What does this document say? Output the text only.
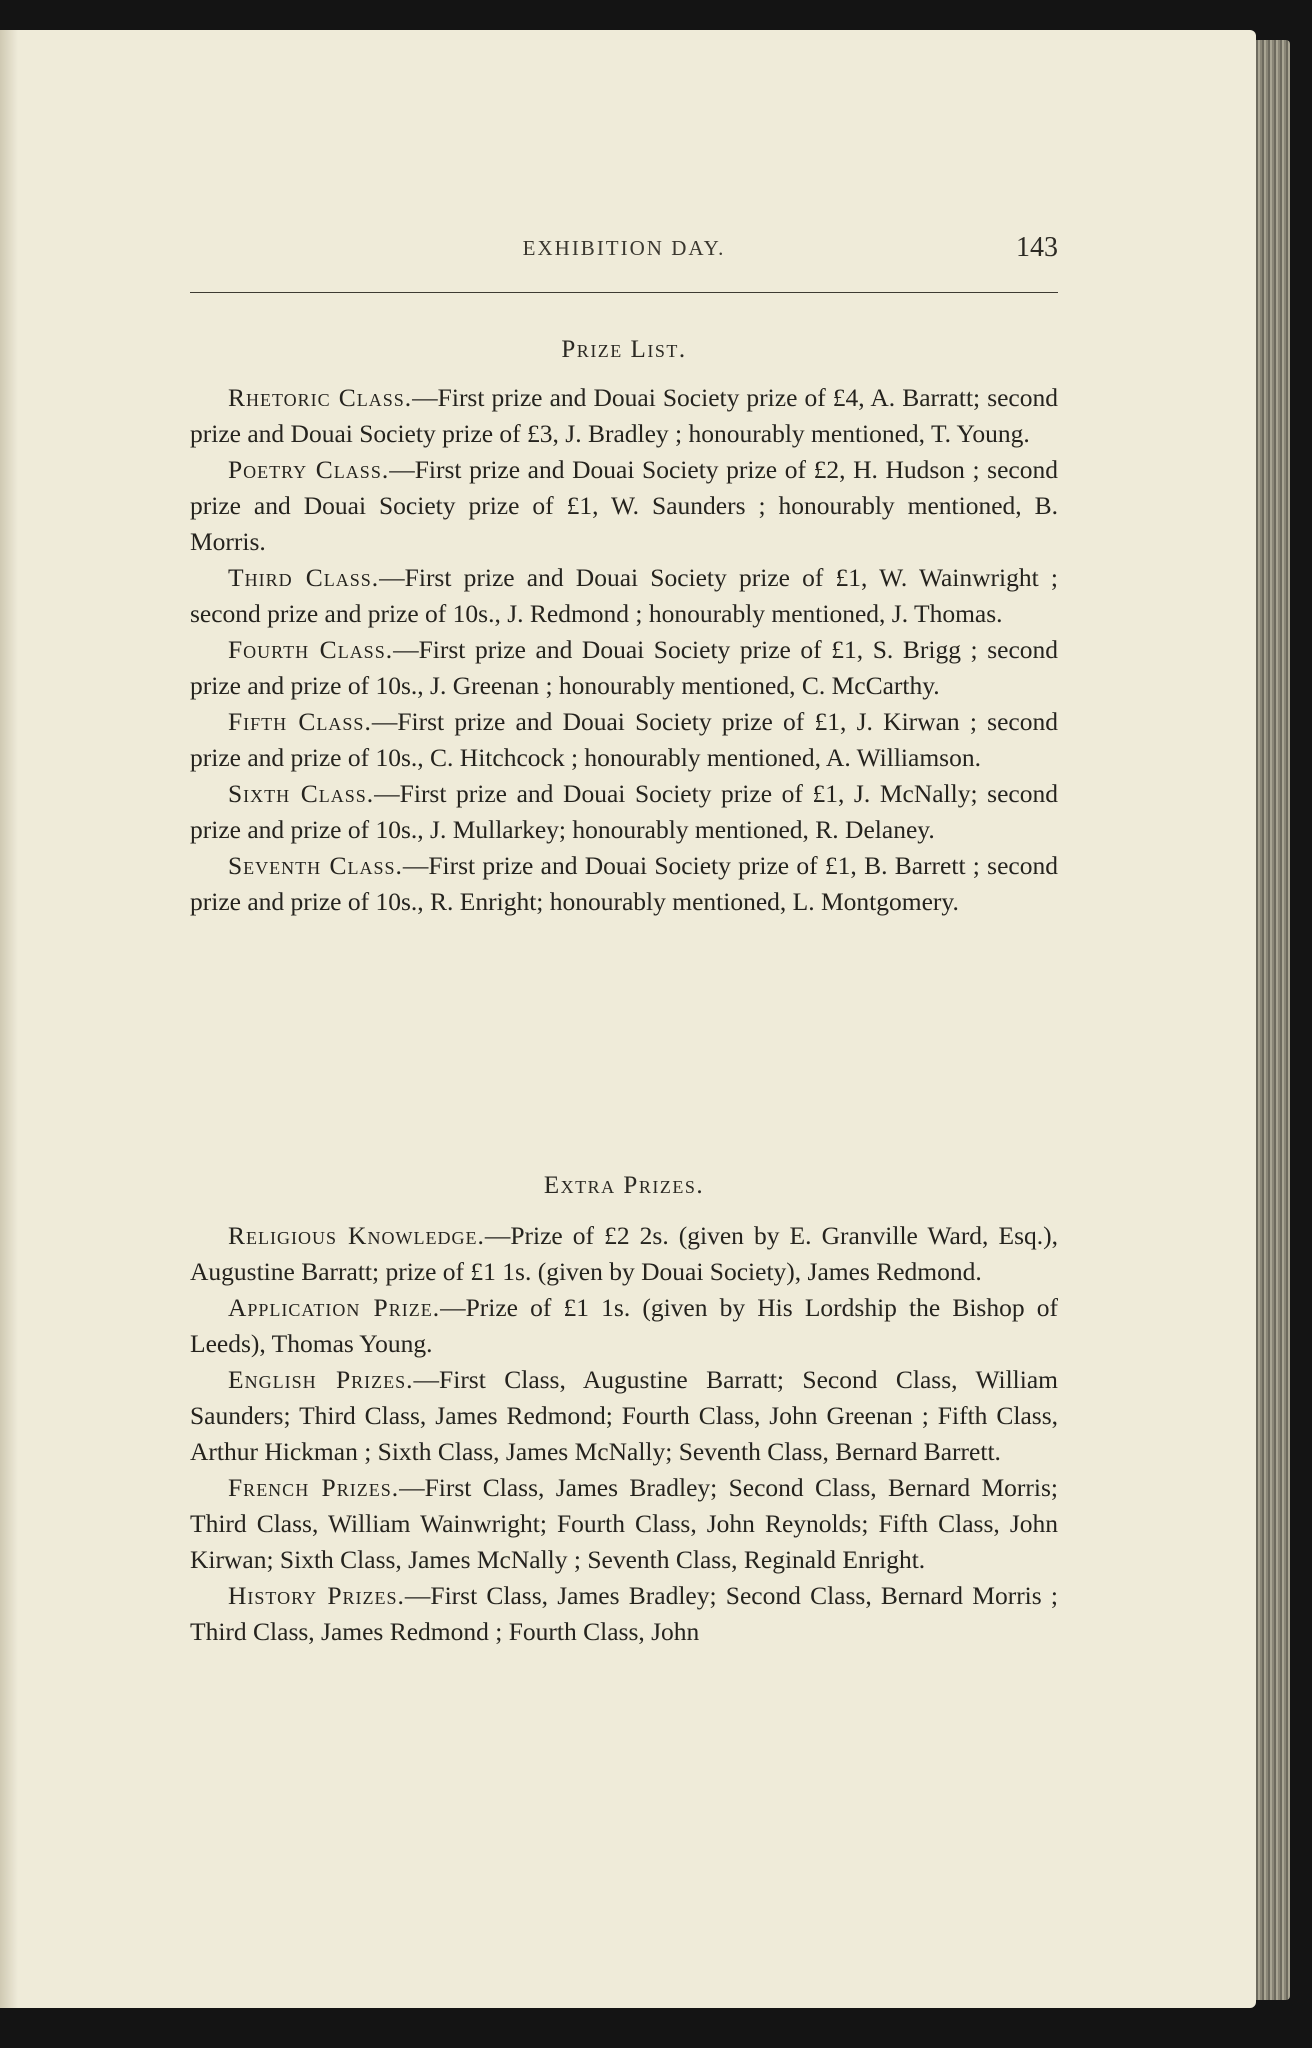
EXHIBITION DAY.	143
Prize List.

Rhetoric Class.—First prize and Douai Society prize of £4, A. Barratt; second prize and Douai Society prize of £3, J. Bradley ; honourably mentioned, T. Young.

Poetry Class.—First prize and Douai Society prize of £2, H. Hudson ; second prize and Douai Society prize of £1, W. Saunders ; honourably mentioned, B. Morris.

Third Class.—First prize and Douai Society prize of £1, W. Wainwright ; second prize and prize of 10s., J. Redmond ; honourably mentioned, J. Thomas.

Fourth Class.—First prize and Douai Society prize of £1, S. Brigg ; second prize and prize of 10s., J. Greenan ; honourably mentioned, C. McCarthy.

Fifth Class.—First prize and Douai Society prize of £1, J. Kirwan ; second prize and prize of 10s., C. Hitchcock ; honourably mentioned, A. Williamson.

Sixth Class.—First prize and Douai Society prize of £1, J. McNally; second prize and prize of 10s., J. Mullarkey; honourably mentioned, R. Delaney.

Seventh Class.—First prize and Douai Society prize of £1, B. Barrett ; second prize and prize of 10s., R. Enright; honourably mentioned, L. Montgomery.

Extra Prizes.

Religious Knowledge.—Prize of £2 2s. (given by E. Granville Ward, Esq.), Augustine Barratt; prize of £1 1s. (given by Douai Society), James Redmond.

Application Prize.—Prize of £1 1s. (given by His Lordship the Bishop of Leeds), Thomas Young.

English Prizes.—First Class, Augustine Barratt; Second Class, William Saunders; Third Class, James Redmond; Fourth Class, John Greenan ; Fifth Class, Arthur Hickman ; Sixth Class, James McNally; Seventh Class, Bernard Barrett.

French Prizes.—First Class, James Bradley; Second Class, Bernard Morris; Third Class, William Wainwright; Fourth Class, John Reynolds; Fifth Class, John Kirwan; Sixth Class, James McNally ; Seventh Class, Reginald Enright.

History Prizes.—First Class, James Bradley; Second Class, Bernard Morris ; Third Class, James Redmond ; Fourth Class, John
